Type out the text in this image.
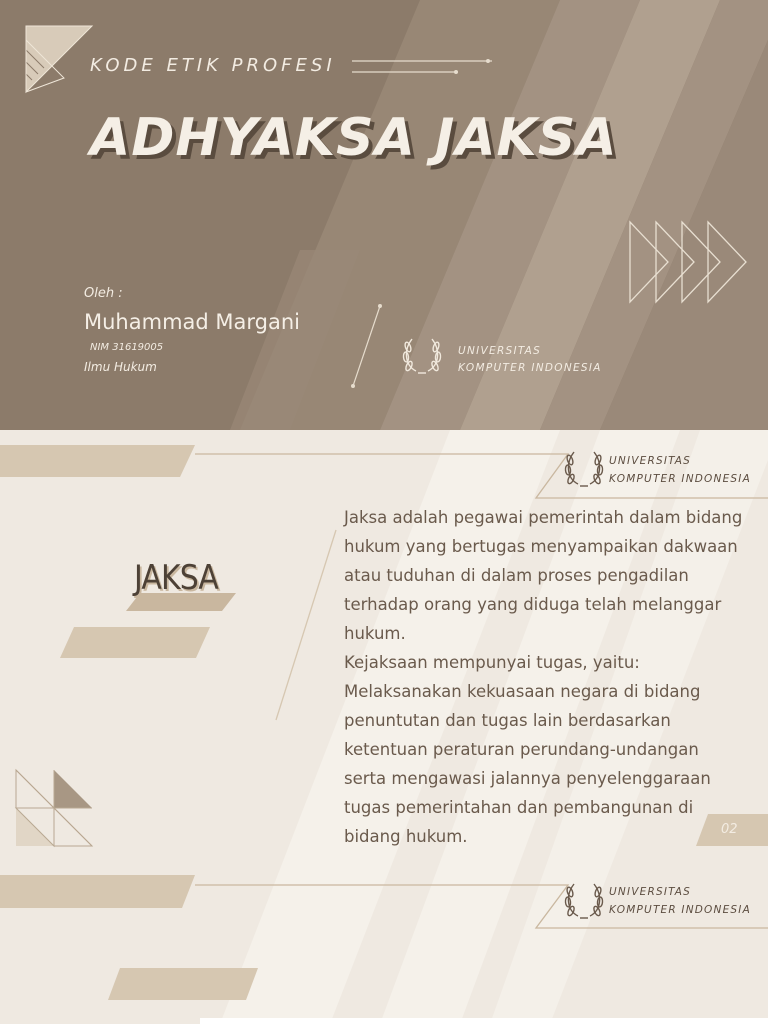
KODE ETIK PROFESI
ADHYAKSA JAKSA
Oleh :
Muhammad Margani
NIM 31619005
Ilmu Hukum
UNIVERSITAS
KOMPUTER INDONESIA
UNIVERSITAS
KOMPUTER INDONESIA
JAKSA

Jaksa adalah pegawai pemerintah dalam bidang hukum yang bertugas menyampaikan dakwaan atau tuduhan di dalam proses pengadilan terhadap orang yang diduga telah melanggar hukum.

Kejaksaan mempunyai tugas, yaitu: Melaksanakan kekuasaan negara di bidang penuntutan dan tugas lain berdasarkan ketentuan peraturan perundang-undangan serta mengawasi jalannya penyelenggaraan tugas pemerintahan dan pembangunan di bidang hukum.	02
UNIVERSITAS
KOMPUTER INDONESIA
